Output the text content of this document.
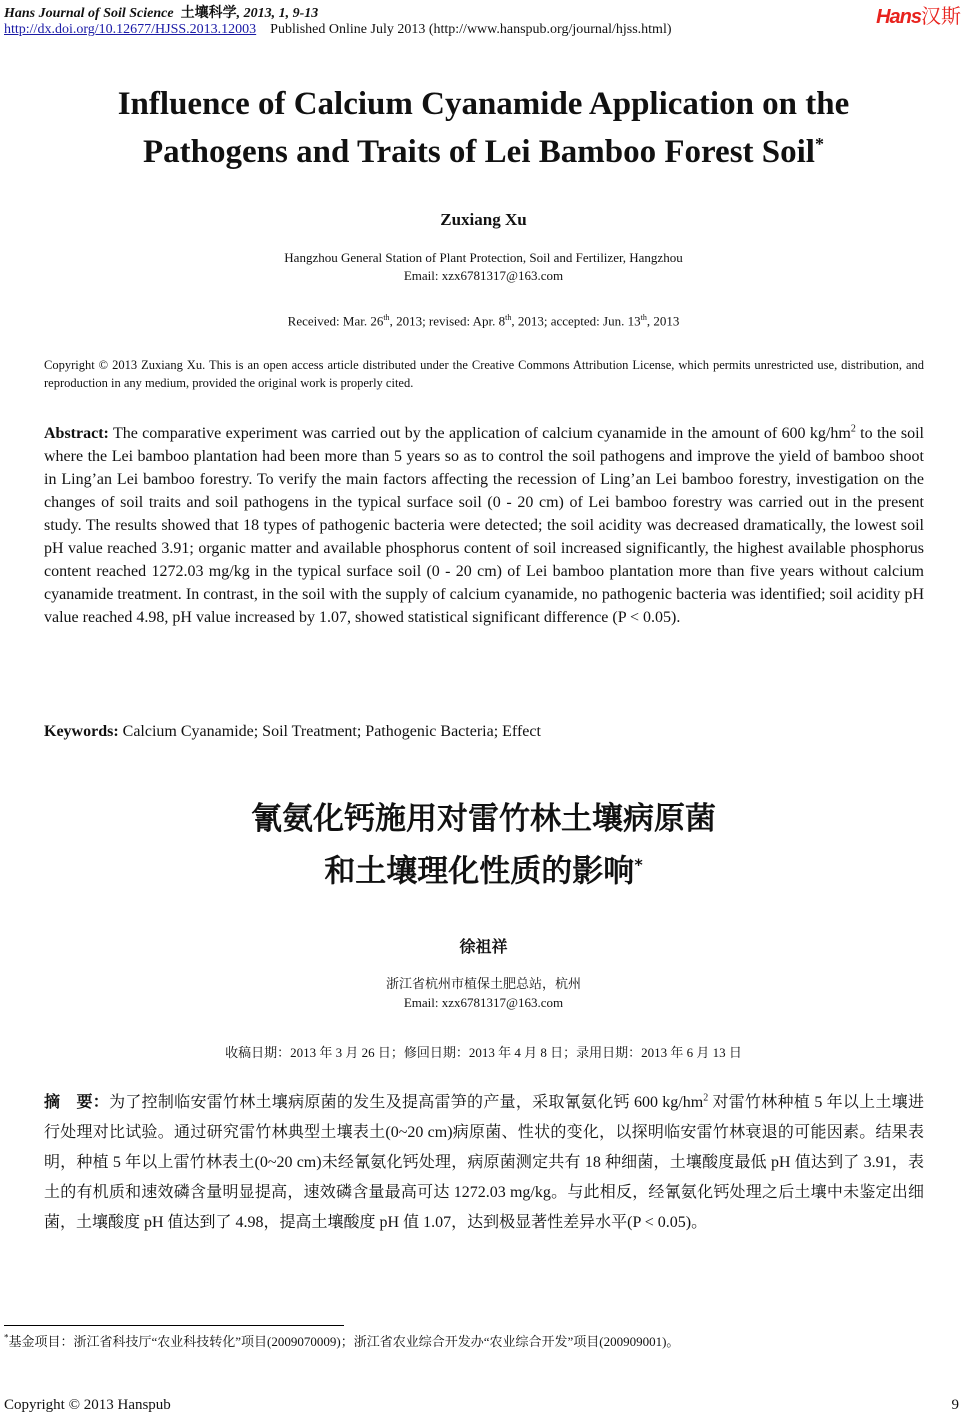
Hans Journal of Soil Science 土壤科学, 2013, 1, 9-13
http://dx.doi.org/10.12677/HJSS.2013.12003 Published Online July 2013 (http://www.hanspub.org/journal/hjss.html)
Hans汉斯
Influence of Calcium Cyanamide Application on the
Pathogens and Traits of Lei Bamboo Forest Soil*
Zuxiang Xu
Hangzhou General Station of Plant Protection, Soil and Fertilizer, Hangzhou
Email: xzx6781317@163.com
Received: Mar. 26th, 2013; revised: Apr. 8th, 2013; accepted: Jun. 13th, 2013
Copyright © 2013 Zuxiang Xu. This is an open access article distributed under the Creative Commons Attribution License, which permits unrestricted use, distribution, and reproduction in any medium, provided the original work is properly cited.
Abstract: The comparative experiment was carried out by the application of calcium cyanamide in the amount of 600 $kg/hm^2$ to the soil where the Lei bamboo plantation had been more than 5 years so as to control the soil pathogens and improve the yield of bamboo shoot in Ling’an Lei bamboo forestry. To verify the main factors affecting the recession of Ling’an Lei bamboo forestry, investigation on the changes of soil traits and soil pathogens in the typical surface soil (0 - 20 cm) of Lei bamboo forestry was carried out in the present study. The results showed that 18 types of pathogenic bacteria were detected; the soil acidity was decreased dramatically, the lowest soil pH value reached 3.91; organic matter and available phosphorus content of soil increased significantly, the highest available phosphorus content reached 1272.03 mg/kg in the typical surface soil (0 - 20 cm) of Lei bamboo plantation more than five years without calcium cyanamide treatment. In contrast, in the soil with the supply of calcium cyanamide, no pathogenic bacteria was identified; soil acidity pH value reached 4.98, pH value increased by 1.07, showed statistical significant difference (P < 0.05).
Keywords: Calcium Cyanamide; Soil Treatment; Pathogenic Bacteria; Effect
氰氨化钙施用对雷竹林土壤病原菌
和土壤理化性质的影响*
徐祖祥
浙江省杭州市植保土肥总站，杭州
Email: xzx6781317@163.com
收稿日期：2013 年 3 月 26 日；修回日期：2013 年 4 月 8 日；录用日期：2013 年 6 月 13 日
摘　要：为了控制临安雷竹林土壤病原菌的发生及提高雷笋的产量，采取氰氨化钙 600 $kg/hm^2$ 对雷竹林种植 5 年以上土壤进行处理对比试验。通过研究雷竹林典型土壤表土(0~20 cm)病原菌、性状的变化，以探明临安雷竹林衰退的可能因素。结果表明，种植 5 年以上雷竹林表土(0~20 cm)未经氰氨化钙处理，病原菌测定共有 18 种细菌，土壤酸度最低 pH 值达到了 3.91，表土的有机质和速效磷含量明显提高，速效磷含量最高可达 1272.03 mg/kg。与此相反，经氰氨化钙处理之后土壤中未鉴定出细菌，土壤酸度 pH 值达到了 4.98，提高土壤酸度 pH 值 1.07，达到极显著性差异水平(P < 0.05)。
*基金项目：浙江省科技厅“农业科技转化”项目(2009070009)；浙江省农业综合开发办“农业综合开发”项目(200909001)。
Copyright © 2013 Hanspub	9
